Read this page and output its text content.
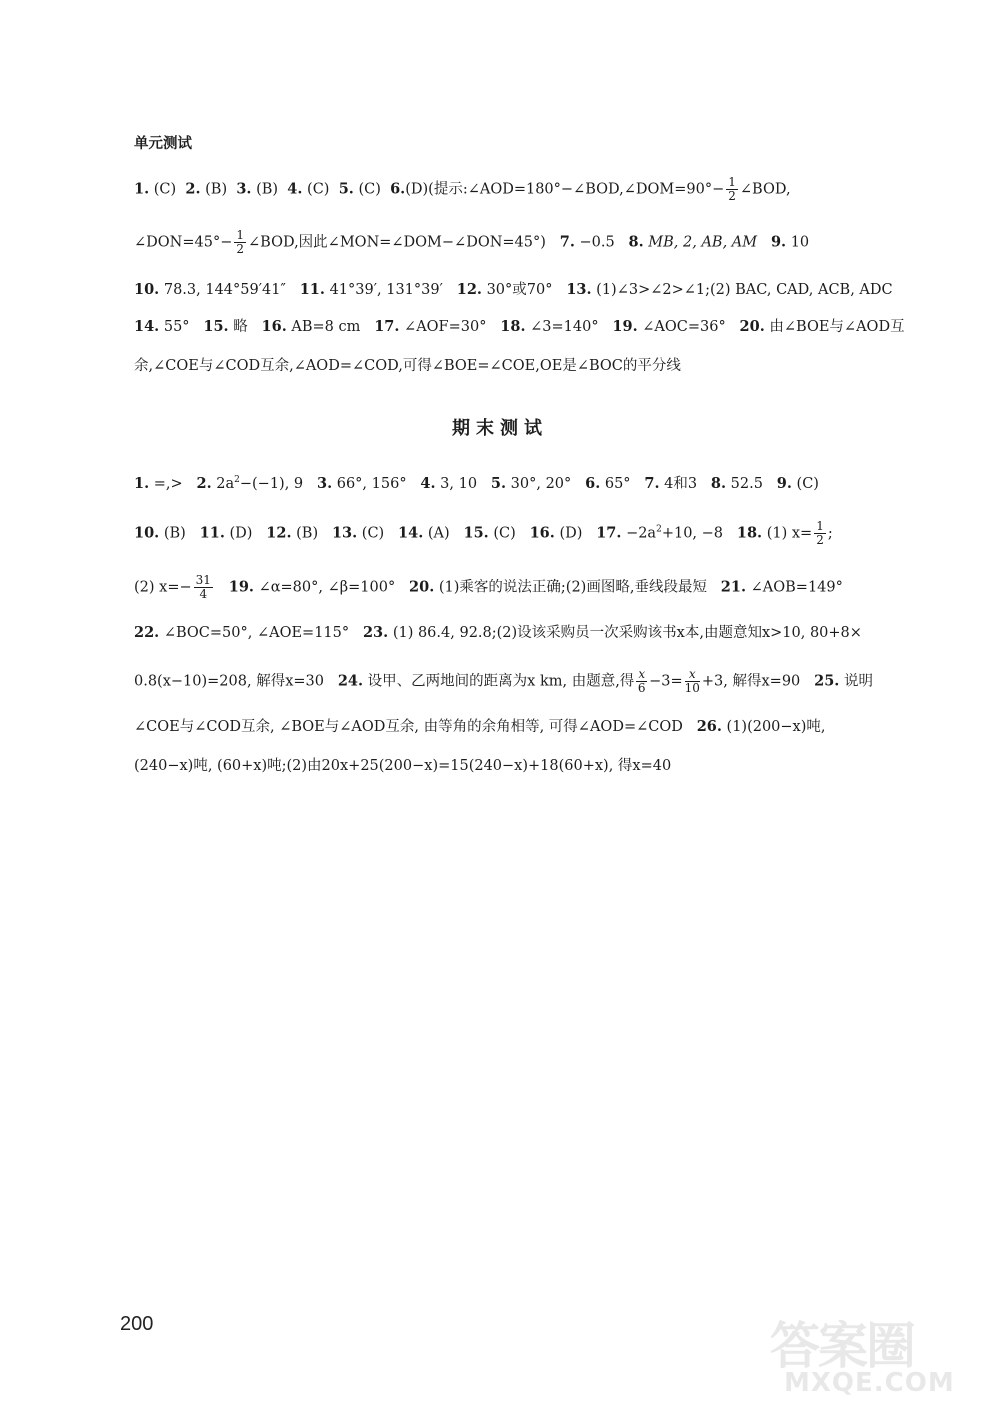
单元测试
1. (C) 2. (B) 3. (B) 4. (C) 5. (C) 6.(D)(提示:∠AOD=180°−∠BOD,∠DOM=90°− $\frac{1}{2}$ ∠BOD,
∠DON=45°− $\frac{1}{2}$ ∠BOD,因此∠MON=∠DOM−∠DON=45°) 7. −0.5 8. MB, 2, AB, AM 9. 10
10. 78.3, 144°59′41″ 11. 41°39′, 131°39′ 12. 30°或70° 13. (1)∠3>∠2>∠1;(2) BAC, CAD, ACB, ADC
14. 55° 15. 略 16. AB=8 cm 17. ∠AOF=30° 18. ∠3=140° 19. ∠AOC=36° 20. 由∠BOE与∠AOD互
余,∠COE与∠COD互余,∠AOD=∠COD,可得∠BOE=∠COE,OE是∠BOC的平分线
期末测试
1. =,> 2. $2a^2-(-1)$, 9 3. 66°, 156° 4. 3, 10 5. 30°, 20° 6. 65° 7. 4和3 8. 52.5 9. (C)
10. (B) 11. (D) 12. (B) 13. (C) 14. (A) 15. (C) 16. (D) 17. $-2a^2+10$, −8 18. (1) $x= \frac{1}{2}$ ;
(2) $x=- \frac{31}{4} 19$. ∠α=80°, ∠β=100° 20. (1)乘客的说法正确;(2)画图略,垂线段最短 21. ∠AOB=149°
22. ∠BOC=50°, ∠AOE=115° 23. (1) 86.4, 92.8;(2)设该采购员一次采购该书x本,由题意知x>10, 80+8×
0.8(x−10)=208, 解得x=30 24. 设甲、乙两地间的距离为x km, 由题意,得 $\frac{x}{6} -3= \frac{x}{10} +3$, 解得x=90 25. 说明
∠COE与∠COD互余, ∠BOE与∠AOD互余, 由等角的余角相等, 可得∠AOD=∠COD 26. (1)(200−x)吨,
(240−x)吨, (60+x)吨;(2)由20x+25(200−x)=15(240−x)+18(60+x), 得x=40
200	答案圈
MXQE.COM
